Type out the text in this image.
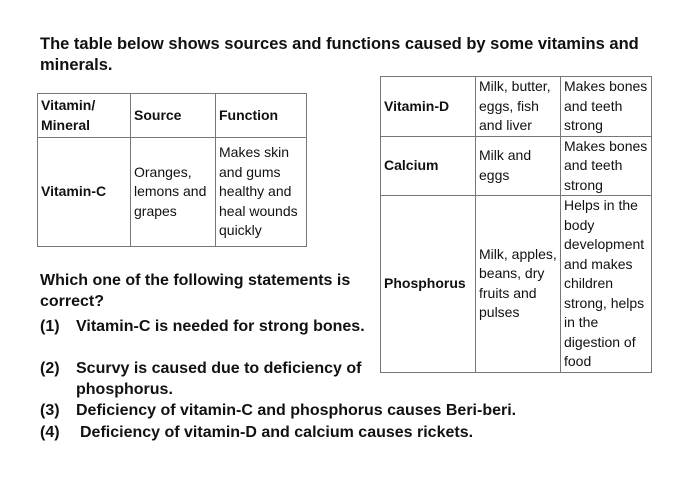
The table below shows sources and functions caused by some vitamins and minerals.
Vitamin/ Mineral	Source	Function
Vitamin-C	Oranges, lemons and grapes	Makes skin and gums healthy and heal wounds quickly
Vitamin-D	Milk, butter, eggs, fish and liver	Makes bones and teeth strong
Calcium	Milk and eggs	Makes bones and teeth strong
Phosphorus	Milk, apples, beans, dry fruits and pulses	Helps in the body development and makes children strong, helps in the digestion of food
Which one of the following statements is correct?
(1) Vitamin-C is needed for strong bones.
(2) Scurvy is caused due to deficiency of phosphorus.
(3) Deficiency of vitamin-C and phosphorus causes Beri-beri.
(4) Deficiency of vitamin-D and calcium causes rickets.
